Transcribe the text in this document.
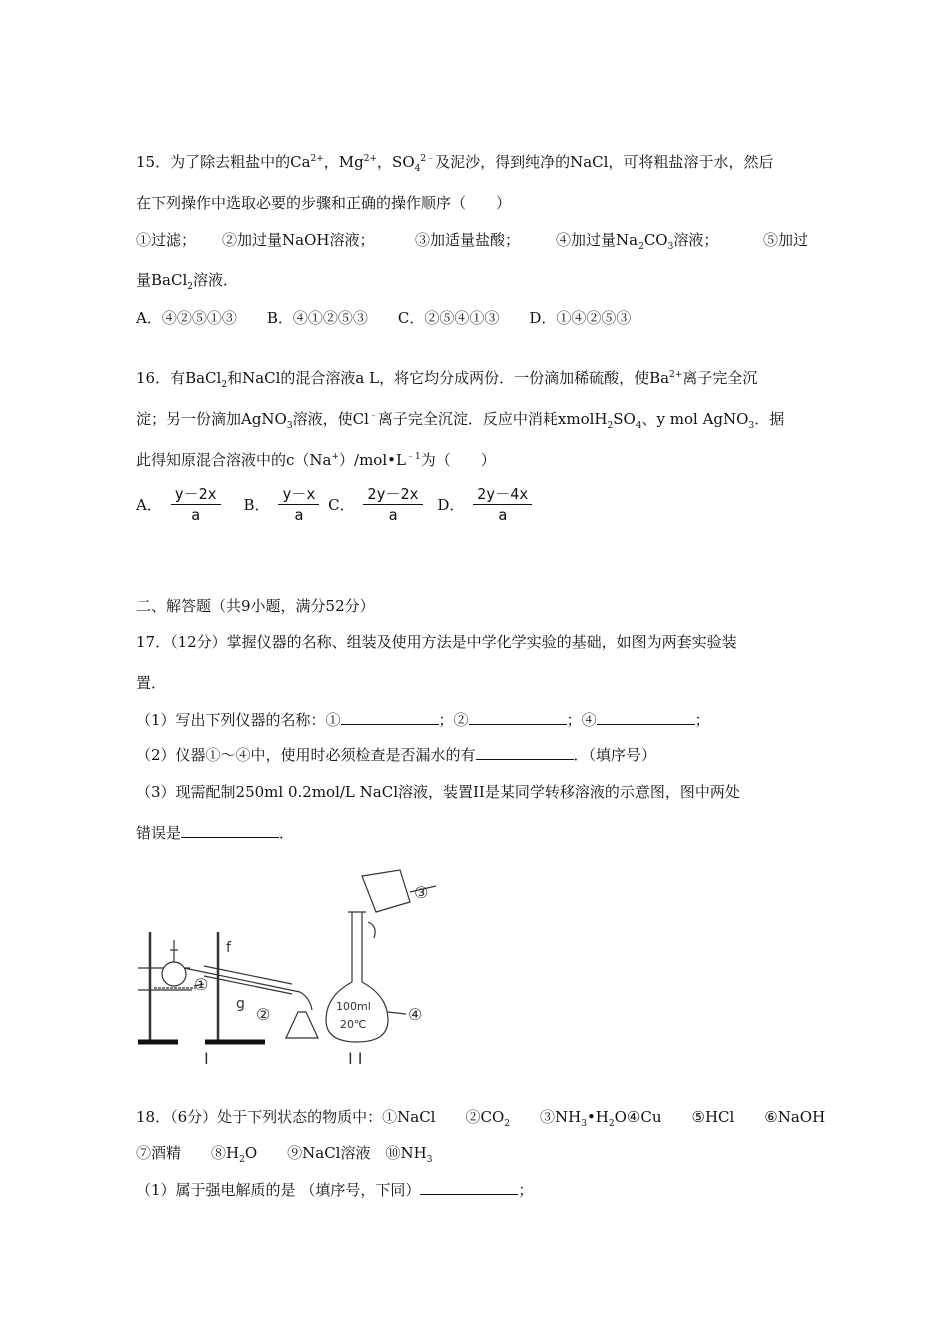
15．为了除去粗盐中的$Ca^{2+}$，$Mg^{2+}$，$SO_4^{2﹣}$及泥沙，得到纯净的NaCl，可将粗盐溶于水，然后
在下列操作中选取必要的步骤和正确的操作顺序（　　）
①过滤； ②加过量NaOH溶液；	③加适量盐酸； ④加过量$Na_2CO_3$溶液；	⑤加过
量BaCl$_2$溶液．
A．④②⑤①③　　B．④①②⑤③　　C．②⑤④①③　　D．①④②⑤③
16．有BaCl$_2$和NaCl的混合溶液a L，将它均分成两份．一份滴加稀硫酸，使$Ba^{2+}$离子完全沉
淀；另一份滴加AgNO$_3$溶液，使Cl﹣离子完全沉淀．反应中消耗$xmolH_2SO_4$、y mol AgNO$_3$．据
此得知原混合溶液中的$c(Na^+)/mol•L^{﹣1}$为（　　）
A． $\frac{y-2x}{a}$ B． $\frac{y-x}{a}$ C． $\frac{2y-2x}{a}$ D． $\frac{2y-4x}{a}$
二、解答题（共9小题，满分52分）
17．（12分）掌握仪器的名称、组装及使用方法是中学化学实验的基础，如图为两套实验装
置．
（1）写出下列仪器的名称：①	；②	；④	；
（2）仪器①～④中，使用时必须检查是否漏水的有	．（填序号）
（3）现需配制250ml 0.2mol/L NaCl溶液，装置II是某同学转移溶液的示意图，图中两处
错误是	．
f
g
①
②
I
③
100ml
20℃
④
I I
18．（6分）处于下列状态的物质中：①NaCl　　$②CO_2$　　$③NH_3•H_2O④Cu$　　⑤HCl　　⑥NaOH
⑦酒精　　$⑧H_2O$　　⑨NaCl溶液　$⑩NH_3$
（1）属于强电解质的是 （填序号，下同）	；
